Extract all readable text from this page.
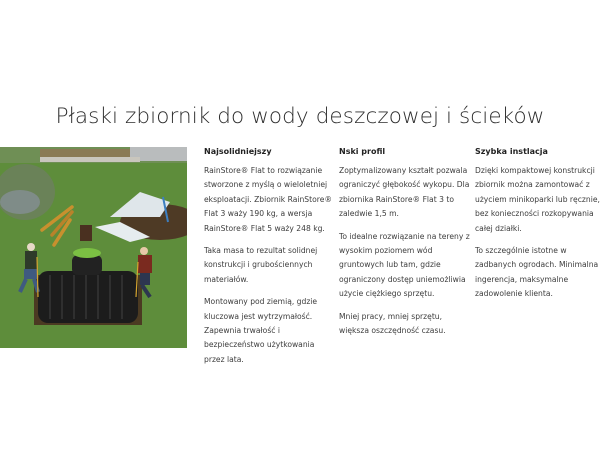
Płaski zbiornik do wody deszczowej i ścieków
Najsolidniejszy

RainStore® Flat to rozwiązanie stworzone z myślą o wieloletniej eksploatacji. Zbiornik RainStore® Flat 3 waży 190 kg, a wersja RainStore® Flat 5 waży 248 kg.

Taka masa to rezultat solidnej konstrukcji i grubościennych materiałów.

Montowany pod ziemią, gdzie kluczowa jest wytrzymałość. Zapewnia trwałość i bezpieczeństwo użytkowania przez lata.

Nski profil

Zoptymalizowany kształt pozwala ograniczyć głębokość wykopu. Dla zbiornika RainStore® Flat 3 to zaledwie 1,5 m.

To idealne rozwiązanie na tereny z wysokim poziomem wód gruntowych lub tam, gdzie ograniczony dostęp uniemożliwia użycie ciężkiego sprzętu.

Mniej pracy, mniej sprzętu, większa oszczędność czasu.

Szybka instlacja

Dzięki kompaktowej konstrukcji zbiornik można zamontować z użyciem minikoparki lub ręcznie, bez konieczności rozkopywania całej działki.

To szczególnie istotne w zadbanych ogrodach. Minimalna ingerencja, maksymalne zadowolenie klienta.
